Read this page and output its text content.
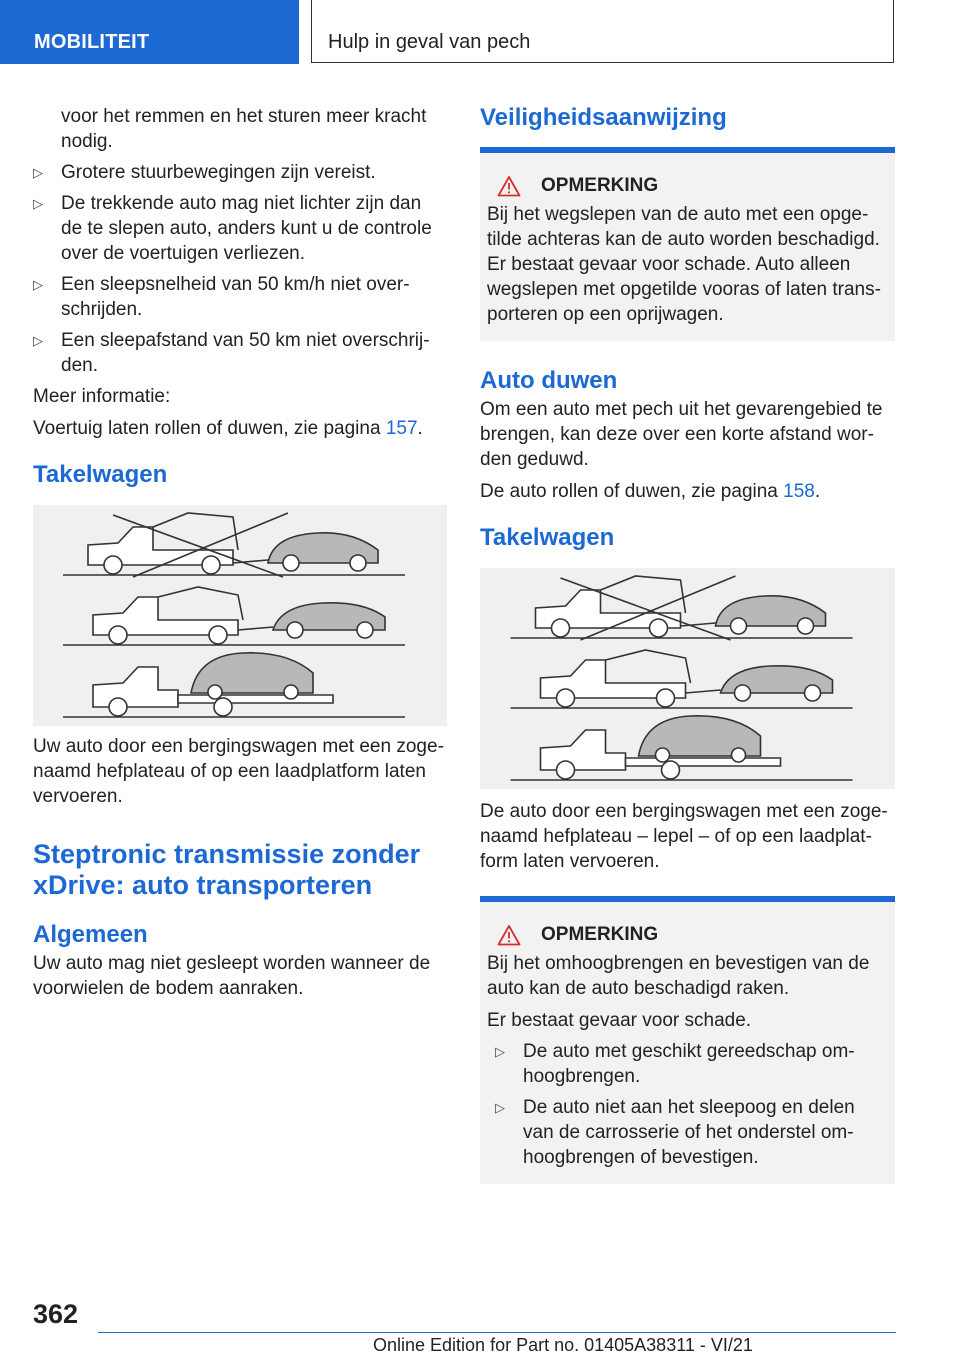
MOBILITEIT	Hulp in geval van pech

voor het remmen en het sturen meer kracht nodig.

▷ Grotere stuurbewegingen zijn vereist.
▷ De trekkende auto mag niet lichter zijn dan de te slepen auto, anders kunt u de controle over de voertuigen verliezen.
▷ Een sleepsnelheid van 50 km/h niet overschrijden.
▷ Een sleepafstand van 50 km niet overschrijden.

Meer informatie:

Voertuig laten rollen of duwen, zie pagina 157.

Takelwagen

Uw auto door een bergingswagen met een zogenaamd hefplateau of op een laadplatform laten vervoeren.

Steptronic transmissie zonder xDrive: auto transporteren
Algemeen

Uw auto mag niet gesleept worden wanneer de voorwielen de bodem aanraken.

Veiligheidsaanwijzing
OPMERKING

Bij het wegslepen van de auto met een opgetilde achteras kan de auto worden beschadigd. Er bestaat gevaar voor schade. Auto alleen wegslepen met opgetilde vooras of laten transporteren op een oprijwagen.

Auto duwen

Om een auto met pech uit het gevarengebied te brengen, kan deze over een korte afstand worden geduwd.

De auto rollen of duwen, zie pagina 158.

Takelwagen

De auto door een bergingswagen met een zogenaamd hefplateau – lepel – of op een laadplatform laten vervoeren.

OPMERKING

Bij het omhoogbrengen en bevestigen van de auto kan de auto beschadigd raken.

Er bestaat gevaar voor schade.

▷ De auto met geschikt gereedschap omhoogbrengen.
▷ De auto niet aan het sleepoog en delen van de carrosserie of het onderstel omhoogbrengen of bevestigen.
362
Online Edition for Part no. 01405A38311 - VI/21
